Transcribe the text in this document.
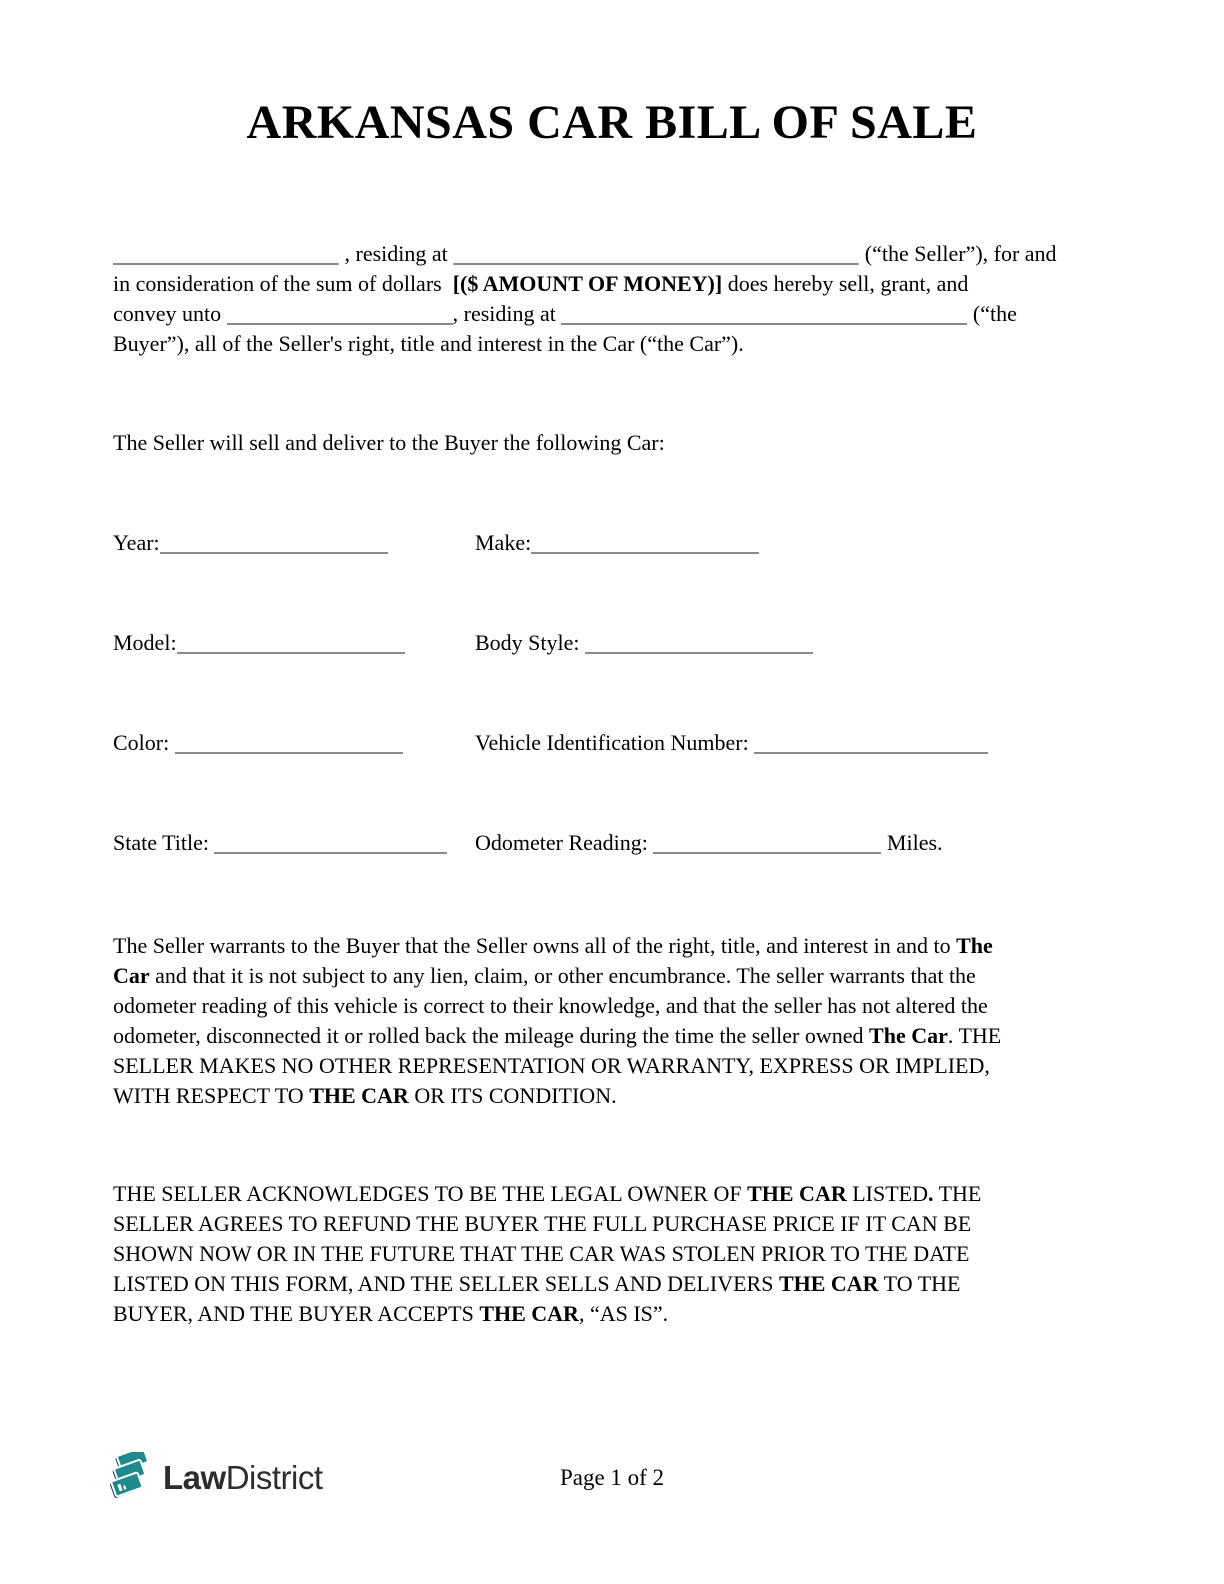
ARKANSAS CAR BILL OF SALE
, residing at	(“the Seller”), for and
in consideration of the sum of dollars  [($ AMOUNT OF MONEY)] does hereby sell, grant, and
convey unto	, residing at	(“the
Buyer”), all of the Seller's right, title and interest in the Car (“the Car”).
The Seller will sell and deliver to the Buyer the following Car:
Year:	Make:
Model:	Body Style:
Color:	Vehicle Identification Number:
State Title:	Odometer Reading:	Miles.
The Seller warrants to the Buyer that the Seller owns all of the right, title, and interest in and to The
Car and that it is not subject to any lien, claim, or other encumbrance. The seller warrants that the
odometer reading of this vehicle is correct to their knowledge, and that the seller has not altered the
odometer, disconnected it or rolled back the mileage during the time the seller owned The Car. THE
SELLER MAKES NO OTHER REPRESENTATION OR WARRANTY, EXPRESS OR IMPLIED,
WITH RESPECT TO THE CAR OR ITS CONDITION.
THE SELLER ACKNOWLEDGES TO BE THE LEGAL OWNER OF THE CAR LISTED. THE
SELLER AGREES TO REFUND THE BUYER THE FULL PURCHASE PRICE IF IT CAN BE
SHOWN NOW OR IN THE FUTURE THAT THE CAR WAS STOLEN PRIOR TO THE DATE
LISTED ON THIS FORM, AND THE SELLER SELLS AND DELIVERS THE CAR TO THE
BUYER, AND THE BUYER ACCEPTS THE CAR, “AS IS”.
LawDistrict	Page 1 of 2
